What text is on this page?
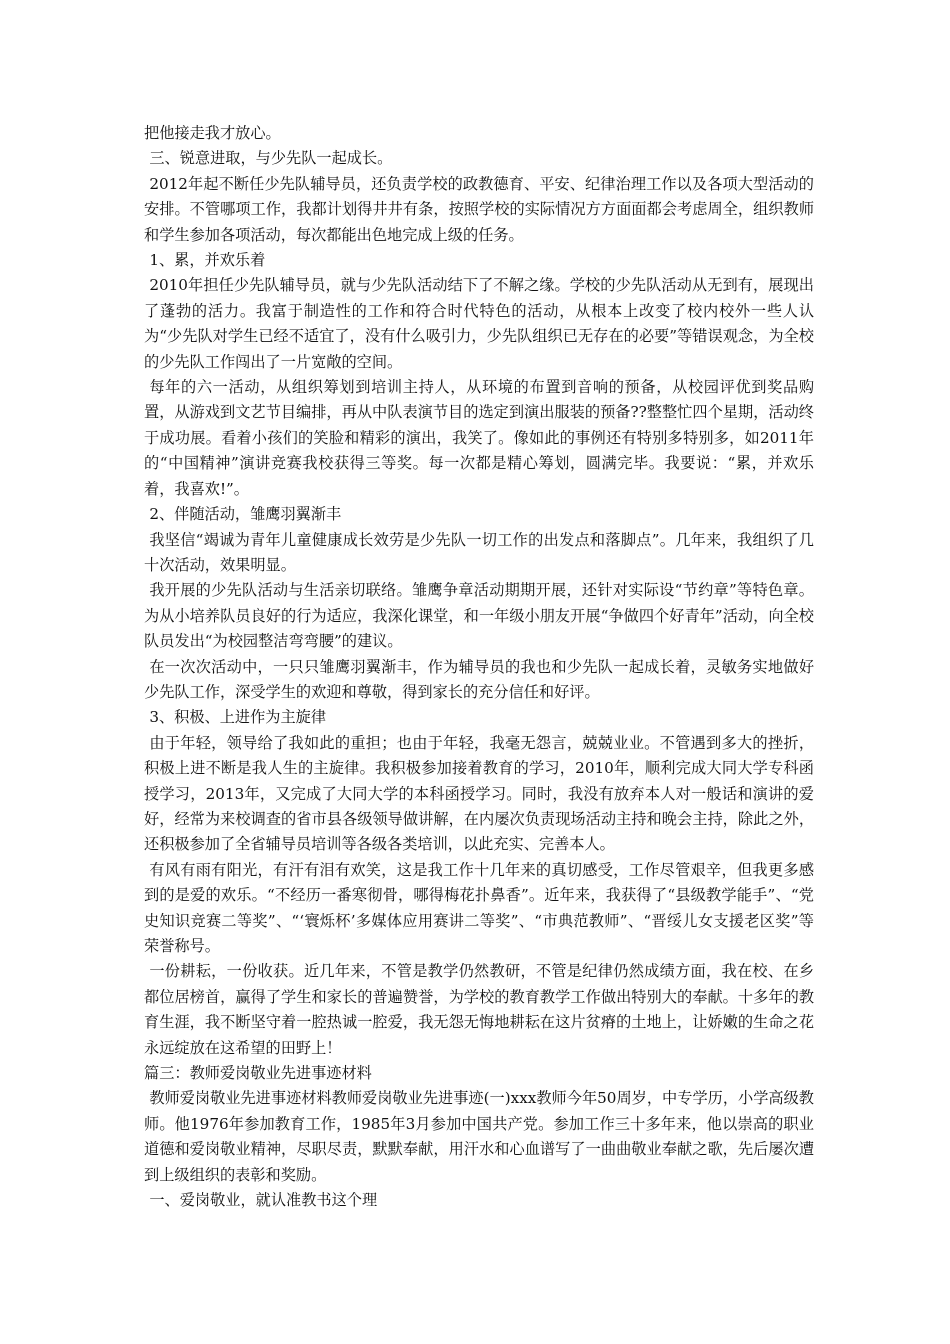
把他接走我才放心。

三、锐意进取，与少先队一起成长。

2012年起不断任少先队辅导员，还负责学校的政教德育、平安、纪律治理工作以及各项大型活动的安排。不管哪项工作，我都计划得井井有条，按照学校的实际情况方方面面都会考虑周全，组织教师和学生参加各项活动，每次都能出色地完成上级的任务。

1、累，并欢乐着

2010年担任少先队辅导员，就与少先队活动结下了不解之缘。学校的少先队活动从无到有，展现出了蓬勃的活力。我富于制造性的工作和符合时代特色的活动，从根本上改变了校内校外一些人认为“少先队对学生已经不适宜了，没有什么吸引力，少先队组织已无存在的必要”等错误观念，为全校的少先队工作闯出了一片宽敞的空间。

每年的六一活动，从组织筹划到培训主持人，从环境的布置到音响的预备，从校园评优到奖品购置，从游戏到文艺节目编排，再从中队表演节目的选定到演出服装的预备??整整忙四个星期，活动终于成功展。看着小孩们的笑脸和精彩的演出，我笑了。像如此的事例还有特别多特别多，如2011年的“中国精神”演讲竞赛我校获得三等奖。每一次都是精心筹划，圆满完毕。我要说：“累，并欢乐着，我喜欢!”。

2、伴随活动，雏鹰羽翼渐丰

我坚信“竭诚为青年儿童健康成长效劳是少先队一切工作的出发点和落脚点”。几年来，我组织了几十次活动，效果明显。

我开展的少先队活动与生活亲切联络。雏鹰争章活动期期开展，还针对实际设“节约章”等特色章。为从小培养队员良好的行为适应，我深化课堂，和一年级小朋友开展“争做四个好青年”活动，向全校队员发出“为校园整洁弯弯腰”的建议。

在一次次活动中，一只只雏鹰羽翼渐丰，作为辅导员的我也和少先队一起成长着，灵敏务实地做好少先队工作，深受学生的欢迎和尊敬，得到家长的充分信任和好评。

3、积极、上进作为主旋律

由于年轻，领导给了我如此的重担；也由于年轻，我毫无怨言，兢兢业业。不管遇到多大的挫折，积极上进不断是我人生的主旋律。我积极参加接着教育的学习，2010年，顺利完成大同大学专科函授学习，2013年，又完成了大同大学的本科函授学习。同时，我没有放弃本人对一般话和演讲的爱好，经常为来校调查的省市县各级领导做讲解，在内屡次负责现场活动主持和晚会主持，除此之外，还积极参加了全省辅导员培训等各级各类培训，以此充实、完善本人。

有风有雨有阳光，有汗有泪有欢笑，这是我工作十几年来的真切感受，工作尽管艰辛，但我更多感到的是爱的欢乐。“不经历一番寒彻骨，哪得梅花扑鼻香”。近年来，我获得了“县级教学能手”、“党史知识竞赛二等奖”、“‘寰烁杯’多媒体应用赛讲二等奖”、“市典范教师”、“晋绥儿女支援老区奖”等荣誉称号。

一份耕耘，一份收获。近几年来，不管是教学仍然教研，不管是纪律仍然成绩方面，我在校、在乡都位居榜首，赢得了学生和家长的普遍赞誉，为学校的教育教学工作做出特别大的奉献。十多年的教育生涯，我不断坚守着一腔热诚一腔爱，我无怨无悔地耕耘在这片贫瘠的土地上，让娇嫩的生命之花永远绽放在这希望的田野上！

篇三：教师爱岗敬业先进事迹材料

教师爱岗敬业先进事迹材料教师爱岗敬业先进事迹(一)xxx教师今年50周岁，中专学历，小学高级教师。他1976年参加教育工作，1985年3月参加中国共产党。参加工作三十多年来，他以崇高的职业道德和爱岗敬业精神，尽职尽责，默默奉献，用汗水和心血谱写了一曲曲敬业奉献之歌，先后屡次遭到上级组织的表彰和奖励。

一、爱岗敬业，就认准教书这个理
